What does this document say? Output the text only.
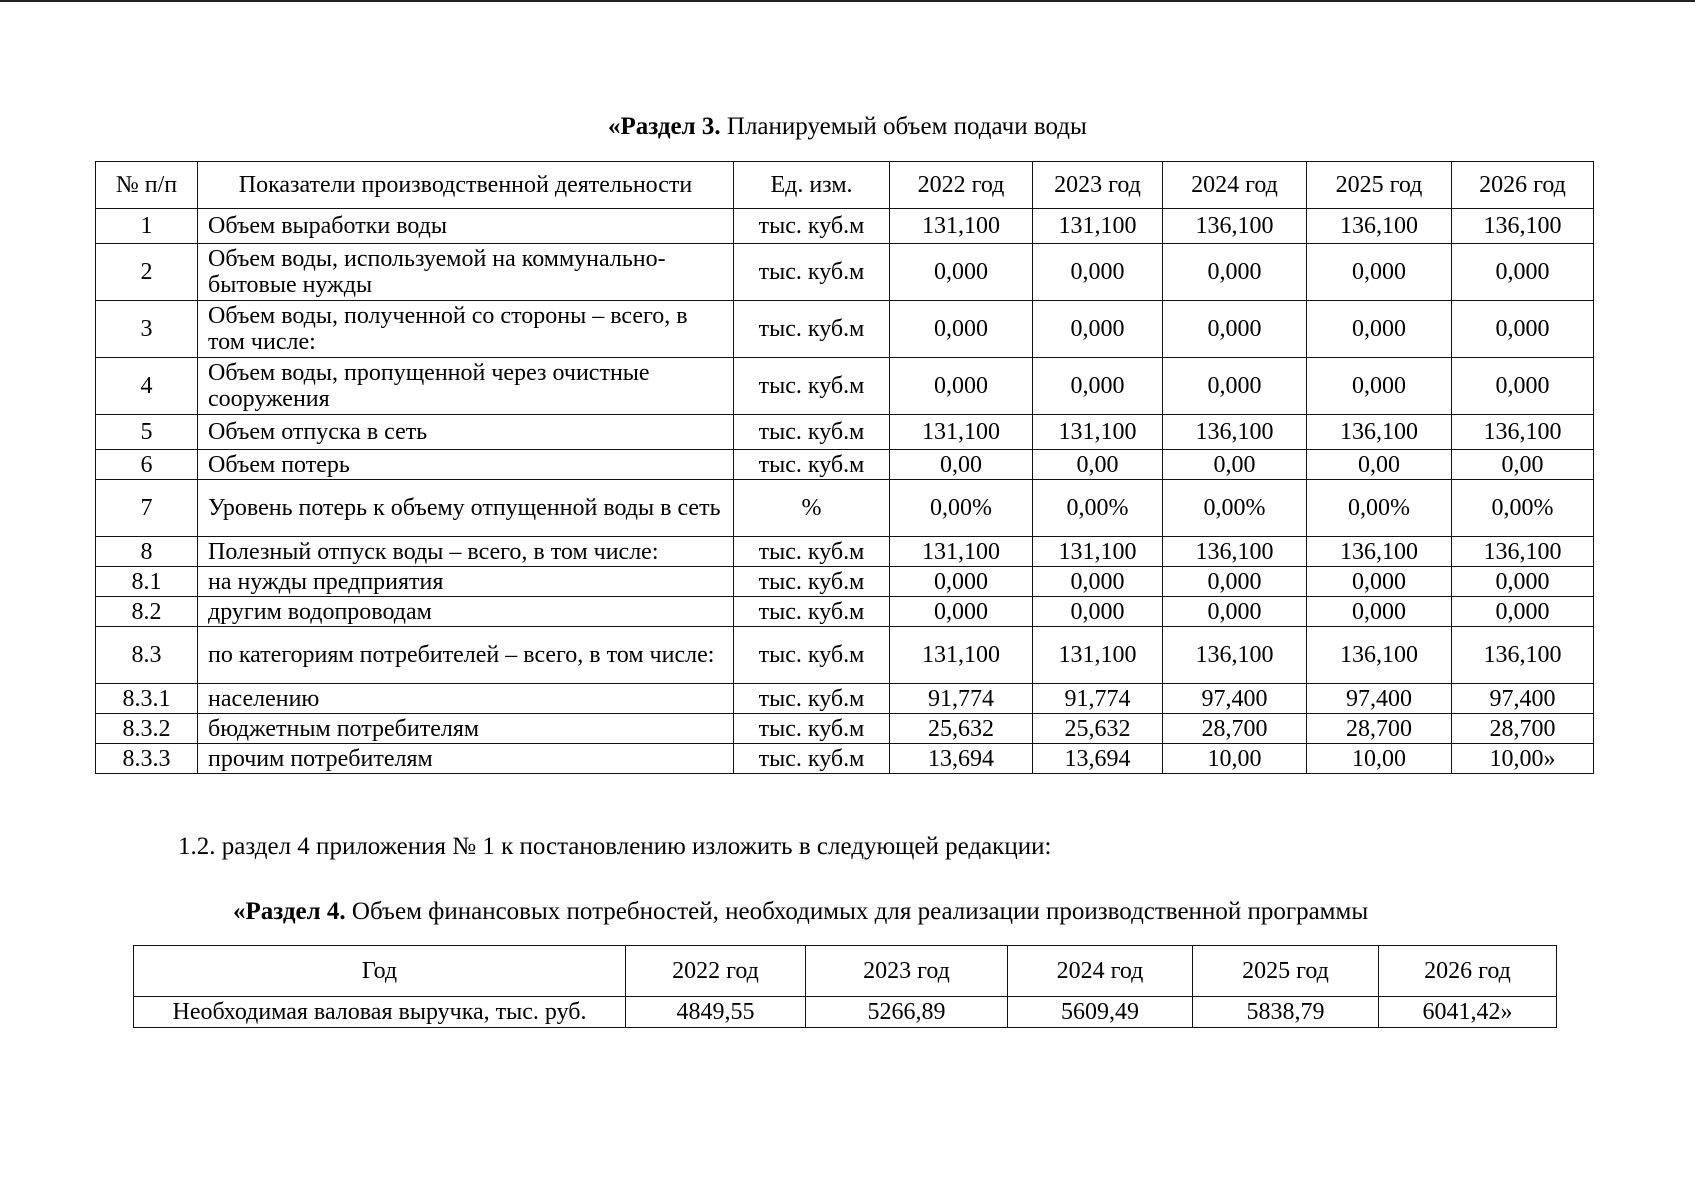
«Раздел 3. Планируемый объем подачи воды
№ п/п	Показатели производственной деятельности	Ед. изм.	2022 год	2023 год	2024 год	2025 год	2026 год
1	Объем выработки воды	тыс. куб.м	131,100	131,100	136,100	136,100	136,100
2	Объем воды, используемой на коммунально-бытовые нужды	тыс. куб.м	0,000	0,000	0,000	0,000	0,000
3	Объем воды, полученной со стороны – всего, в том числе:	тыс. куб.м	0,000	0,000	0,000	0,000	0,000
4	Объем воды, пропущенной через очистные сооружения	тыс. куб.м	0,000	0,000	0,000	0,000	0,000
5	Объем отпуска в сеть	тыс. куб.м	131,100	131,100	136,100	136,100	136,100
6	Объем потерь	тыс. куб.м	0,00	0,00	0,00	0,00	0,00
7	Уровень потерь к объему отпущенной воды в сеть	%	0,00%	0,00%	0,00%	0,00%	0,00%
8	Полезный отпуск воды – всего, в том числе:	тыс. куб.м	131,100	131,100	136,100	136,100	136,100
8.1	на нужды предприятия	тыс. куб.м	0,000	0,000	0,000	0,000	0,000
8.2	другим водопроводам	тыс. куб.м	0,000	0,000	0,000	0,000	0,000
8.3	по категориям потребителей – всего, в том числе:	тыс. куб.м	131,100	131,100	136,100	136,100	136,100
8.3.1	населению	тыс. куб.м	91,774	91,774	97,400	97,400	97,400
8.3.2	бюджетным потребителям	тыс. куб.м	25,632	25,632	28,700	28,700	28,700
8.3.3	прочим потребителям	тыс. куб.м	13,694	13,694	10,00	10,00	10,00»
1.2. раздел 4 приложения № 1 к постановлению изложить в следующей редакции:
«Раздел 4. Объем финансовых потребностей, необходимых для реализации производственной программы
Год	2022 год	2023 год	2024 год	2025 год	2026 год
Необходимая валовая выручка, тыс. руб.	4849,55	5266,89	5609,49	5838,79	6041,42»
